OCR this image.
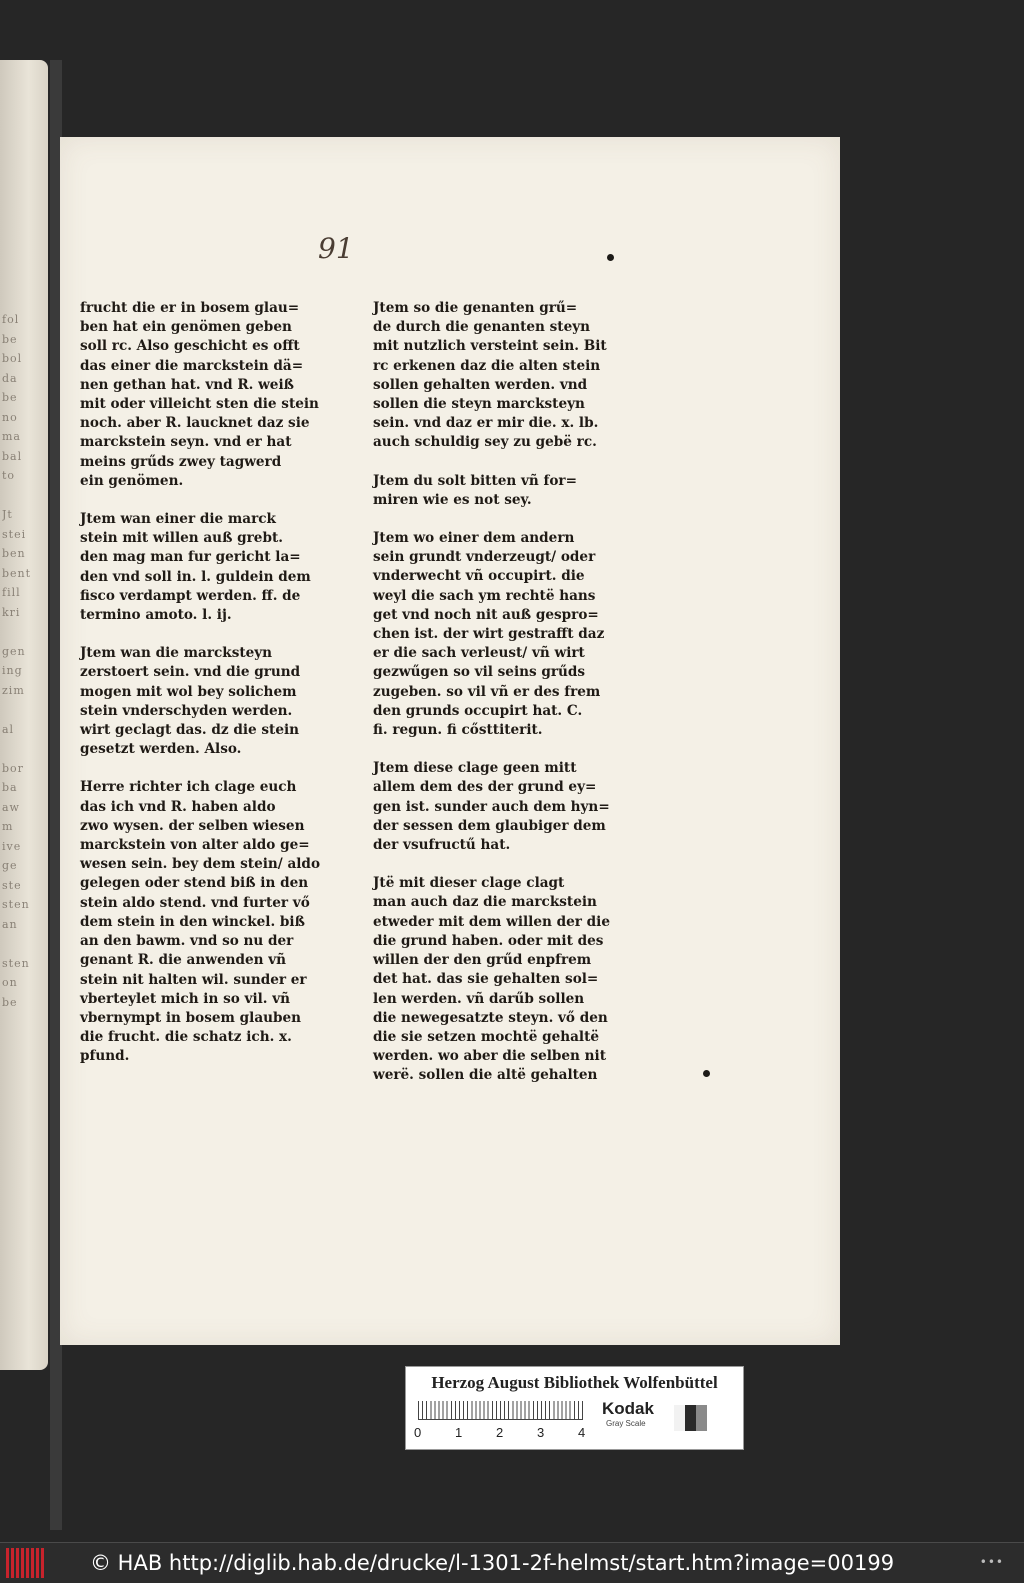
fol
be
bol
da
be
no
ma
bal
to

Jt
stei
ben
bent
fill
kri

gen
ing
zim

al

bor
ba
aw
m
ive
ge
ste
sten
an

sten
on
be

91

frucht die er in bosem glau=
ben hat ein genömen geben
soll rc. Also geschicht es offt
das einer die marckstein dä=
nen gethan hat. vnd R. weiß
mit oder villeicht sten die stein
noch. aber R. laucknet daz sie
marckstein seyn. vnd er hat
meins grűds zwey tagwerd
ein genömen.

Jtem wan einer die marck
stein mit willen auß grebt.
den mag man fur gericht la=
den vnd soll in. l. guldein dem
fisco verdampt werden. ff. de
termino amoto. l. ij.

Jtem wan die marcksteyn
zerstoert sein. vnd die grund
mogen mit wol bey solichem
stein vnderschyden werden.
wirt geclagt das. dz die stein
gesetzt werden. Also.

Herre richter ich clage euch
das ich vnd R. haben aldo
zwo wysen. der selben wiesen
marckstein von alter aldo ge=
wesen sein. bey dem stein/ aldo
gelegen oder stend biß in den
stein aldo stend. vnd furter vő
dem stein in den winckel. biß
an den bawm. vnd so nu der
genant R. die anwenden vñ
stein nit halten wil. sunder er
vberteylet mich in so vil. vñ
vbernympt in bosem glauben
die frucht. die schatz ich. x.
pfund.

Jtem so die genanten grű=
de durch die genanten steyn
mit nutzlich versteint sein. Bit
rc erkenen daz die alten stein
sollen gehalten werden. vnd
sollen die steyn marcksteyn
sein. vnd daz er mir die. x. lb.
auch schuldig sey zu gebë rc.

Jtem du solt bitten vñ for=
miren wie es not sey.

Jtem wo einer dem andern
sein grundt vnderzeugt/ oder
vnderwecht vñ occupirt. die
weyl die sach ym rechtë hans
get vnd noch nit auß gespro=
chen ist. der wirt gestrafft daz
er die sach verleust/ vñ wirt
gezwűgen so vil seins grűds
zugeben. so vil vñ er des frem
den grunds occupirt hat. C.
fi. regun. fi cősttiterit.

Jtem diese clage geen mitt
allem dem des der grund ey=
gen ist. sunder auch dem hyn=
der sessen dem glaubiger dem
der vsufructű hat.

Jtë mit dieser clage clagt
man auch daz die marckstein
etweder mit dem willen der die
die grund haben. oder mit des
willen der den grűd enpfrem
det hat. das sie gehalten sol=
len werden. vñ darűb sollen
die newegesatzte steyn. vő den
die sie setzen mochtë gehaltë
werden. wo aber die selben nit
werë. sollen die altë gehalten

Herzog August Bibliothek Wolfenbüttel
0	1	2	3	4
Kodak
Gray Scale
© HAB http://diglib.hab.de/drucke/l-1301-2f-helmst/start.htm?image=00199	•••
